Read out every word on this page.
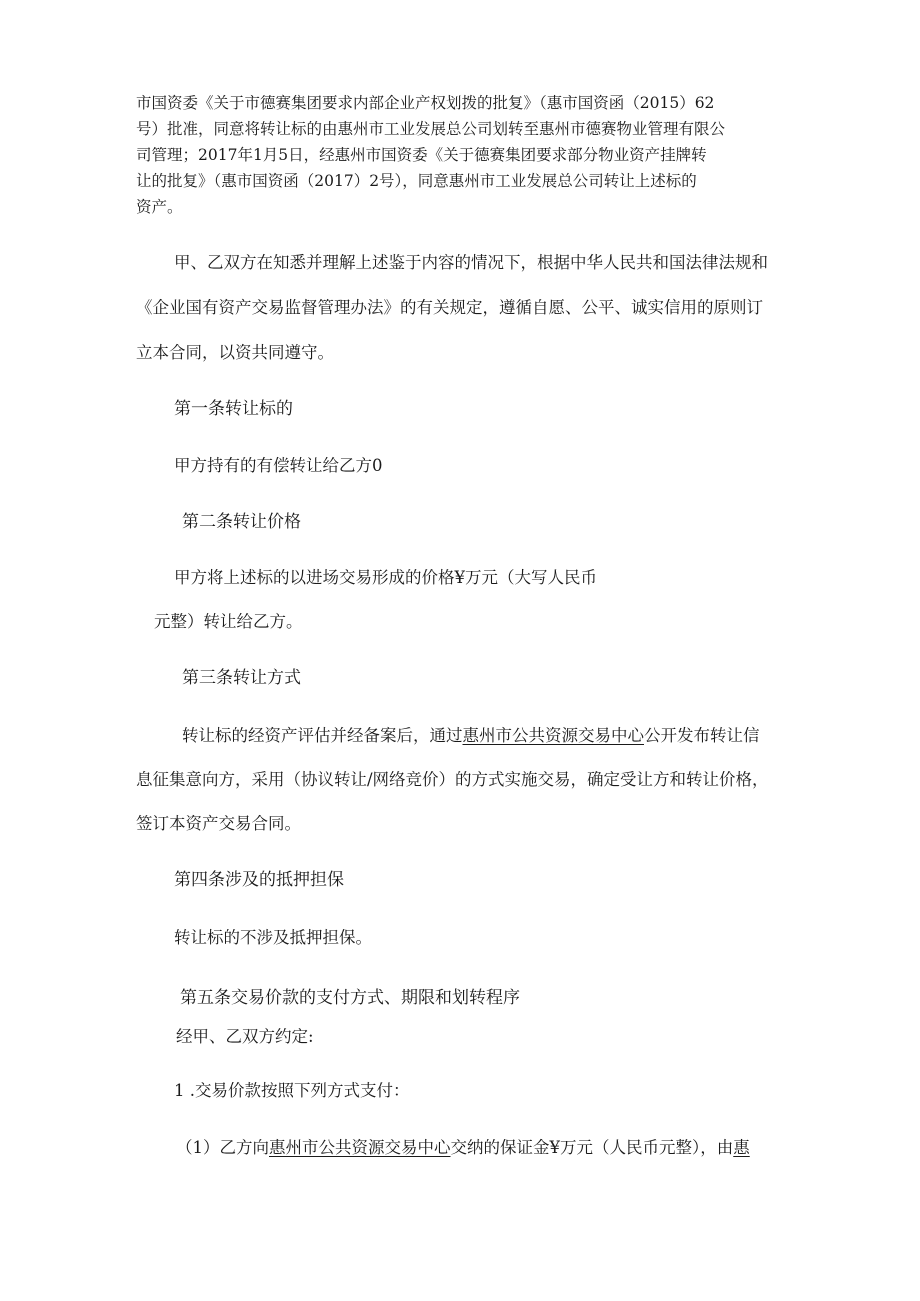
市国资委《关于市德赛集团要求内部企业产权划拨的批复》（惠市国资函（2015）62
号）批准，同意将转让标的由惠州市工业发展总公司划转至惠州市德赛物业管理有限公
司管理；2017年1月5日，经惠州市国资委《关于德赛集团要求部分物业资产挂牌转
让的批复》（惠市国资函（2017）2号），同意惠州市工业发展总公司转让上述标的
资产。
甲、乙双方在知悉并理解上述鉴于内容的情况下，根据中华人民共和国法律法规和
《企业国有资产交易监督管理办法》的有关规定，遵循自愿、公平、诚实信用的原则订
立本合同，以资共同遵守。
第一条转让标的
甲方持有的有偿转让给乙方0
第二条转让价格
甲方将上述标的以进场交易形成的价格¥万元（大写人民币
元整）转让给乙方。
第三条转让方式
转让标的经资产评估并经备案后，通过惠州市公共资源交易中心公开发布转让信
息征集意向方，采用（协议转让/网络竞价）的方式实施交易，确定受让方和转让价格，
签订本资产交易合同。
第四条涉及的抵押担保
转让标的不涉及抵押担保。
第五条交易价款的支付方式、期限和划转程序
经甲、乙双方约定:
1 .交易价款按照下列方式支付：
（1）乙方向惠州市公共资源交易中心交纳的保证金¥万元（人民币元整），由惠
